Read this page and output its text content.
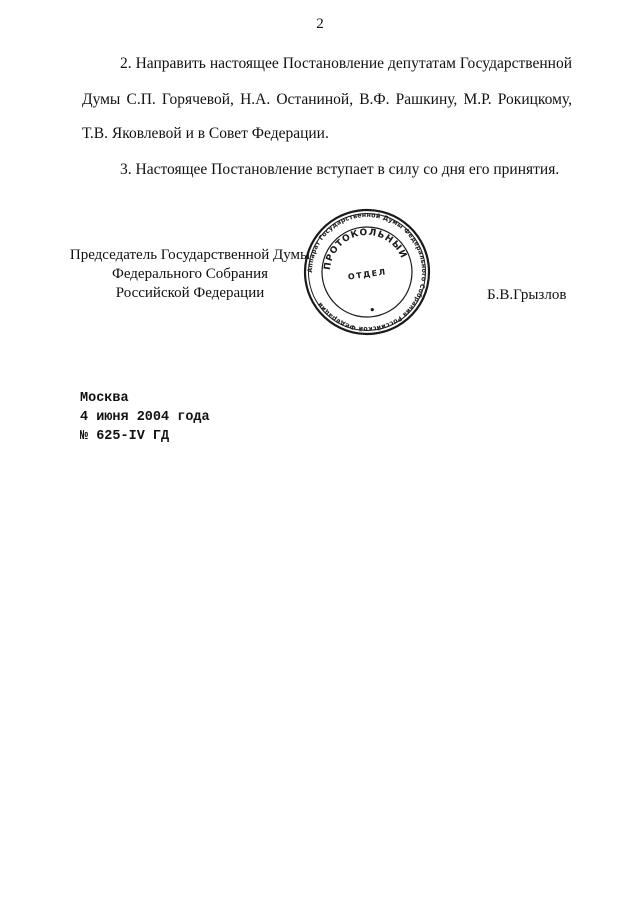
2
2. Направить настоящее Постановление депутатам Государственной
Думы С.П. Горячевой, Н.А. Останиной, В.Ф. Рашкину, М.Р. Рокицкому,
Т.В. Яковлевой и в Совет Федерации.
3. Настоящее Постановление вступает в силу со дня его принятия.
Председатель Государственной Думы
Федерального Собрания
Российской Федерации
Аппарат Государственной Думы Федерального Собрания Российской Федерации
ПРОТОКОЛЬНЫЙ
ОТДЕЛ
Б.В.Грызлов
Москва
4 июня 2004 года
№ 625-IV ГД
